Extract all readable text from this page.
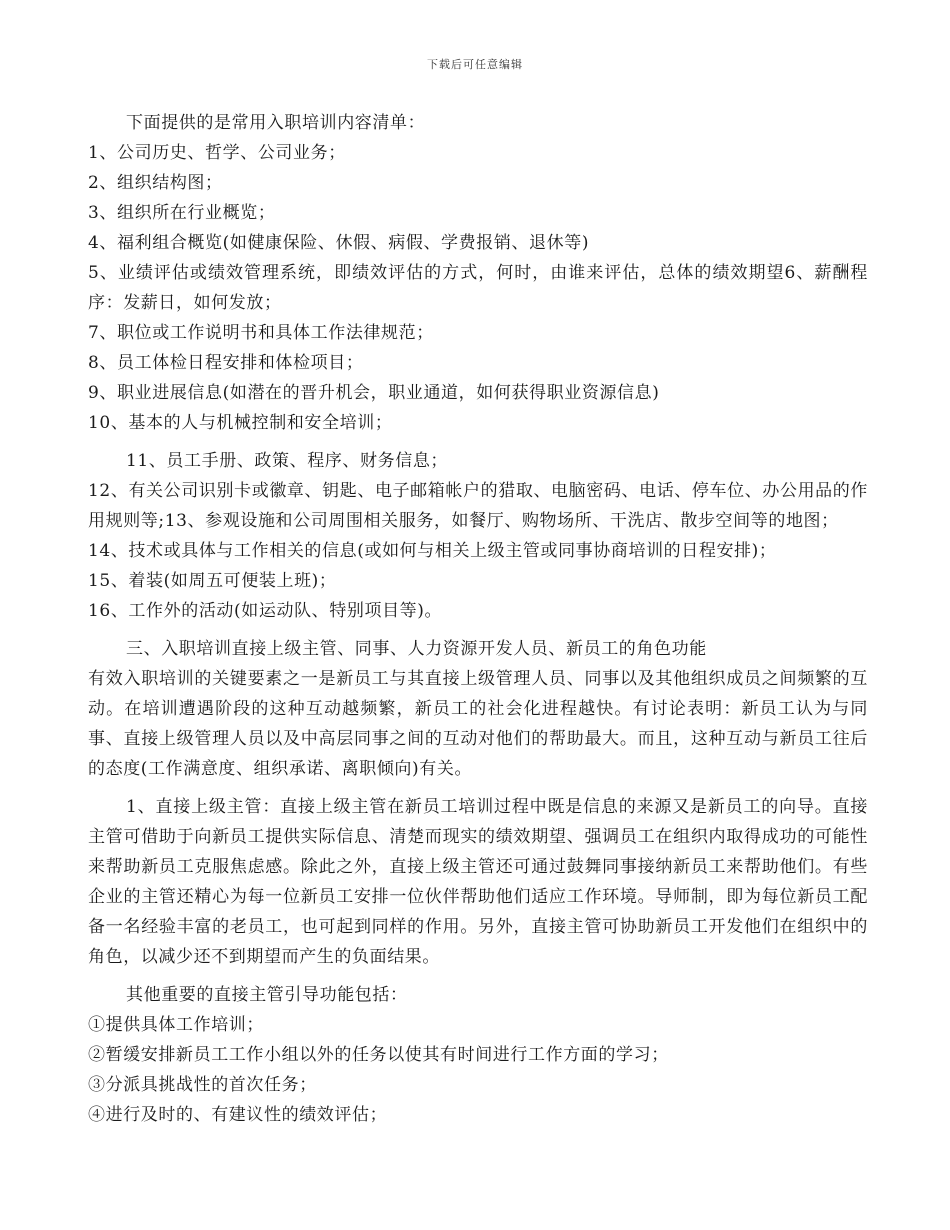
下载后可任意编辑

下面提供的是常用入职培训内容清单：

1、公司历史、哲学、公司业务；

2、组织结构图；

3、组织所在行业概览；

4、福利组合概览(如健康保险、休假、病假、学费报销、退休等)

5、业绩评估或绩效管理系统，即绩效评估的方式，何时，由谁来评估，总体的绩效期望6、薪酬程序：发薪日，如何发放；

7、职位或工作说明书和具体工作法律规范；

8、员工体检日程安排和体检项目；

9、职业进展信息(如潜在的晋升机会，职业通道，如何获得职业资源信息)

10、基本的人与机械控制和安全培训；

11、员工手册、政策、程序、财务信息；

12、有关公司识别卡或徽章、钥匙、电子邮箱帐户的猎取、电脑密码、电话、停车位、办公用品的作用规则等;13、参观设施和公司周围相关服务，如餐厅、购物场所、干洗店、散步空间等的地图；

14、技术或具体与工作相关的信息(或如何与相关上级主管或同事协商培训的日程安排)；

15、着装(如周五可便装上班)；

16、工作外的活动(如运动队、特别项目等)。

三、入职培训直接上级主管、同事、人力资源开发人员、新员工的角色功能

有效入职培训的关键要素之一是新员工与其直接上级管理人员、同事以及其他组织成员之间频繁的互动。在培训遭遇阶段的这种互动越频繁，新员工的社会化进程越快。有讨论表明：新员工认为与同事、直接上级管理人员以及中高层同事之间的互动对他们的帮助最大。而且，这种互动与新员工往后的态度(工作满意度、组织承诺、离职倾向)有关。

1、直接上级主管：直接上级主管在新员工培训过程中既是信息的来源又是新员工的向导。直接主管可借助于向新员工提供实际信息、清楚而现实的绩效期望、强调员工在组织内取得成功的可能性来帮助新员工克服焦虑感。除此之外，直接上级主管还可通过鼓舞同事接纳新员工来帮助他们。有些企业的主管还精心为每一位新员工安排一位伙伴帮助他们适应工作环境。导师制，即为每位新员工配备一名经验丰富的老员工，也可起到同样的作用。另外，直接主管可协助新员工开发他们在组织中的角色，以减少还不到期望而产生的负面结果。

其他重要的直接主管引导功能包括：

①提供具体工作培训；

②暂缓安排新员工工作小组以外的任务以使其有时间进行工作方面的学习；

③分派具挑战性的首次任务；

④进行及时的、有建议性的绩效评估；
